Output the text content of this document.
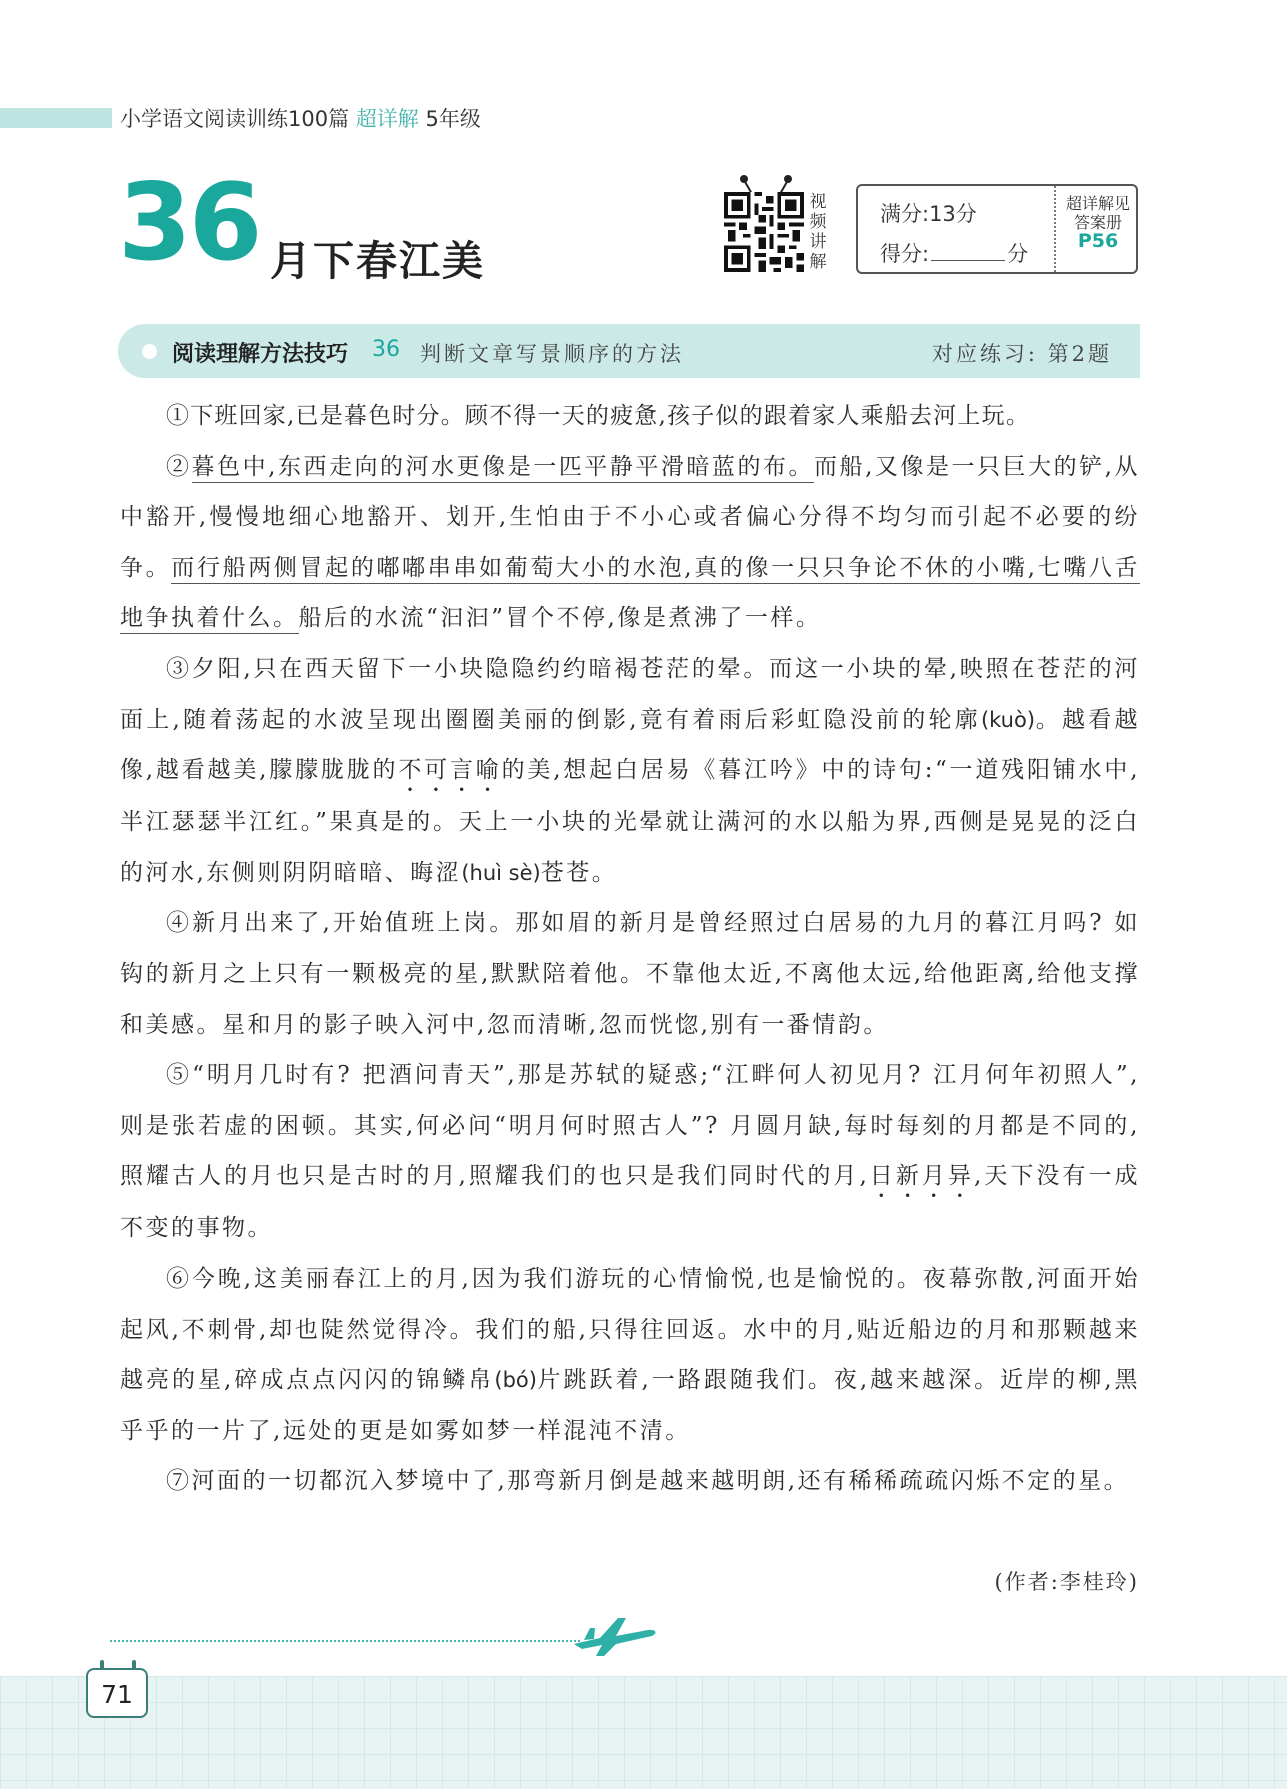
小学语文阅读训练100篇 超详解 5年级
36 月下春江美
视
频
讲
解
满分:13分
得分:	分
超详解见
答案册
P56
阅读理解方法技巧 36 判断文章写景顺序的方法	对应练习: 第2题

①下班回家,已是暮色时分。顾不得一天的疲惫,孩子似的跟着家人乘船去河上玩。

②暮色中,东西走向的河水更像是一匹平静平滑暗蓝的布。而船,又像是一只巨大的铲,从中豁开,慢慢地细心地豁开、划开,生怕由于不小心或者偏心分得不均匀而引起不必要的纷争。而行船两侧冒起的嘟嘟串串如葡萄大小的水泡,真的像一只只争论不休的小嘴,七嘴八舌地争执着什么。船后的水流“汩汩”冒个不停,像是煮沸了一样。

③夕阳,只在西天留下一小块隐隐约约暗褐苍茫的晕。而这一小块的晕,映照在苍茫的河面上,随着荡起的水波呈现出圈圈美丽的倒影,竟有着雨后彩虹隐没前的轮廓(kuò)。越看越像,越看越美,朦朦胧胧的不可言喻的美,想起白居易《暮江吟》中的诗句:“一道残阳铺水中,半江瑟瑟半江红。”果真是的。天上一小块的光晕就让满河的水以船为界,西侧是晃晃的泛白的河水,东侧则阴阴暗暗、晦涩(huì sè)苍苍。

④新月出来了,开始值班上岗。那如眉的新月是曾经照过白居易的九月的暮江月吗? 如钩的新月之上只有一颗极亮的星,默默陪着他。不靠他太近,不离他太远,给他距离,给他支撑和美感。星和月的影子映入河中,忽而清晰,忽而恍惚,别有一番情韵。

⑤“明月几时有? 把酒问青天”,那是苏轼的疑惑;“江畔何人初见月? 江月何年初照人”,则是张若虚的困顿。其实,何必问“明月何时照古人”? 月圆月缺,每时每刻的月都是不同的,照耀古人的月也只是古时的月,照耀我们的也只是我们同时代的月,日新月异,天下没有一成不变的事物。

⑥今晚,这美丽春江上的月,因为我们游玩的心情愉悦,也是愉悦的。夜幕弥散,河面开始起风,不刺骨,却也陡然觉得冷。我们的船,只得往回返。水中的月,贴近船边的月和那颗越来越亮的星,碎成点点闪闪的锦鳞帛(bó)片跳跃着,一路跟随我们。夜,越来越深。近岸的柳,黑乎乎的一片了,远处的更是如雾如梦一样混沌不清。

⑦河面的一切都沉入梦境中了,那弯新月倒是越来越明朗,还有稀稀疏疏闪烁不定的星。

(作者:李桂玲)
71
